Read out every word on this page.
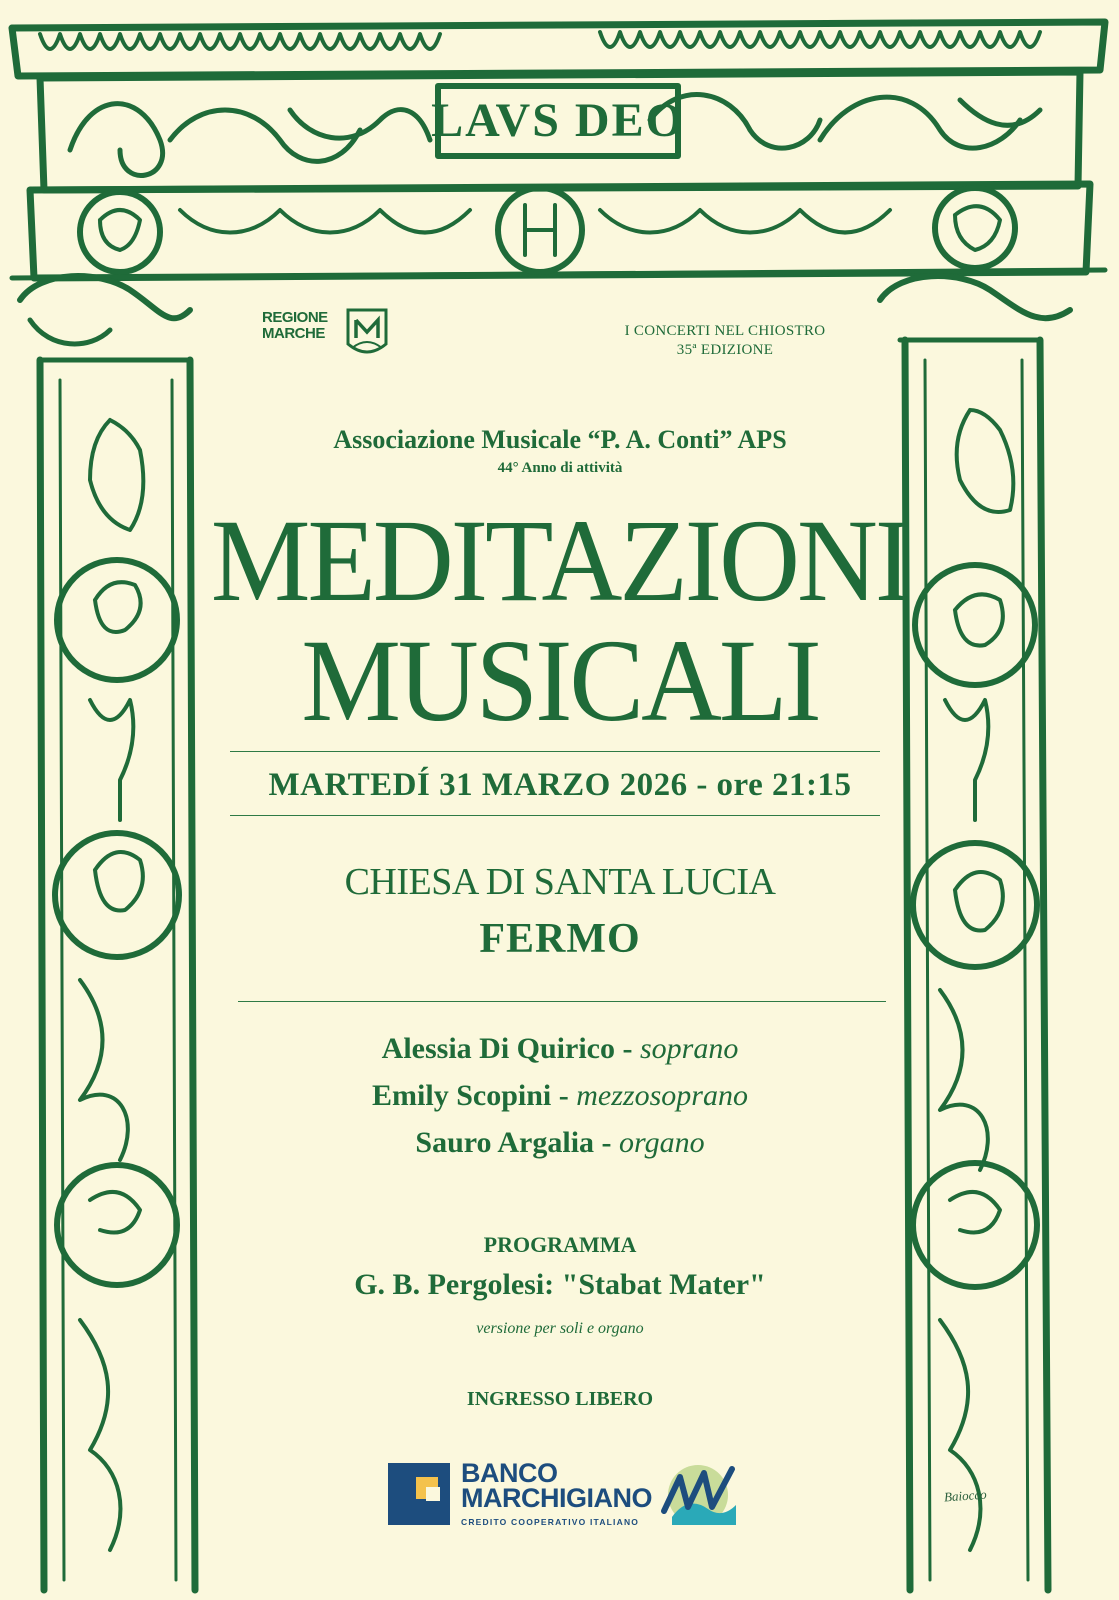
LAVS DEO
REGIONE MARCHE	I CONCERTI NEL CHIOSTRO
35ª EDIZIONE
Associazione Musicale “P. A. Conti” APS
44° Anno di attività
MEDITAZIONI
MUSICALI
MARTEDÍ 31 MARZO 2026 - ore 21:15
CHIESA DI SANTA LUCIA
FERMO
Alessia Di Quirico - soprano
Emily Scopini - mezzosoprano
Sauro Argalia - organo
PROGRAMMA
G. B. Pergolesi: "Stabat Mater"
versione per soli e organo
INGRESSO LIBERO
BANCO
MARCHIGIANO
CREDITO COOPERATIVO ITALIANO
Baiocco
